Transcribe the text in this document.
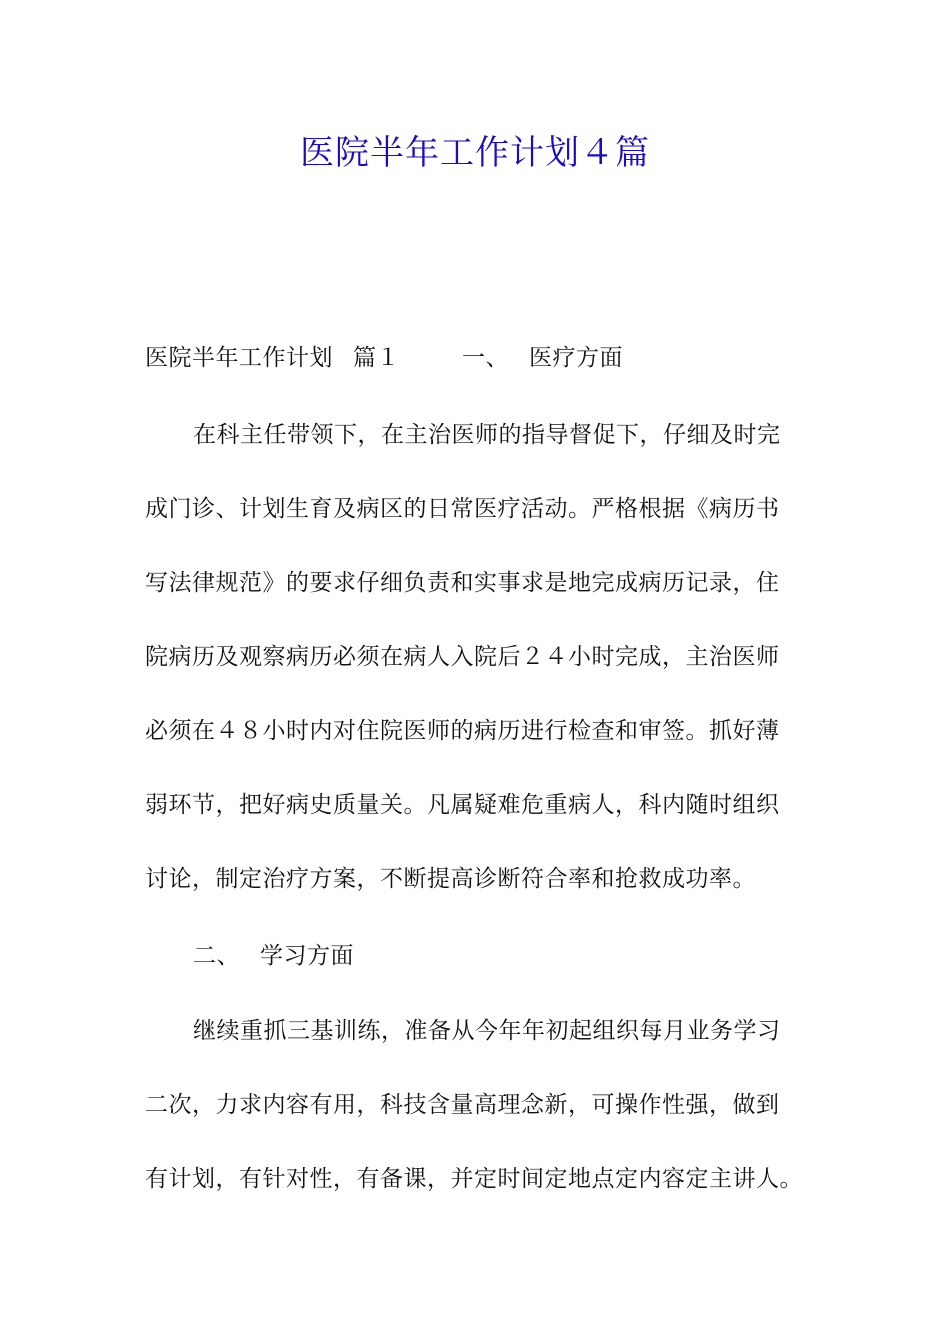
医院半年工作计划４篇
医院半年工作计划 篇１	一、 医疗方面
在科主任带领下，在主治医师的指导督促下，仔细及时完
成门诊、计划生育及病区的日常医疗活动。严格根据《病历书
写法律规范》的要求仔细负责和实事求是地完成病历记录，住
院病历及观察病历必须在病人入院后２４小时完成，主治医师
必须在４８小时内对住院医师的病历进行检查和审签。抓好薄
弱环节，把好病史质量关。凡属疑难危重病人，科内随时组织
讨论，制定治疗方案，不断提高诊断符合率和抢救成功率。
二、 学习方面
继续重抓三基训练，准备从今年年初起组织每月业务学习
二次，力求内容有用，科技含量高理念新，可操作性强，做到
有计划，有针对性，有备课，并定时间定地点定内容定主讲人。
